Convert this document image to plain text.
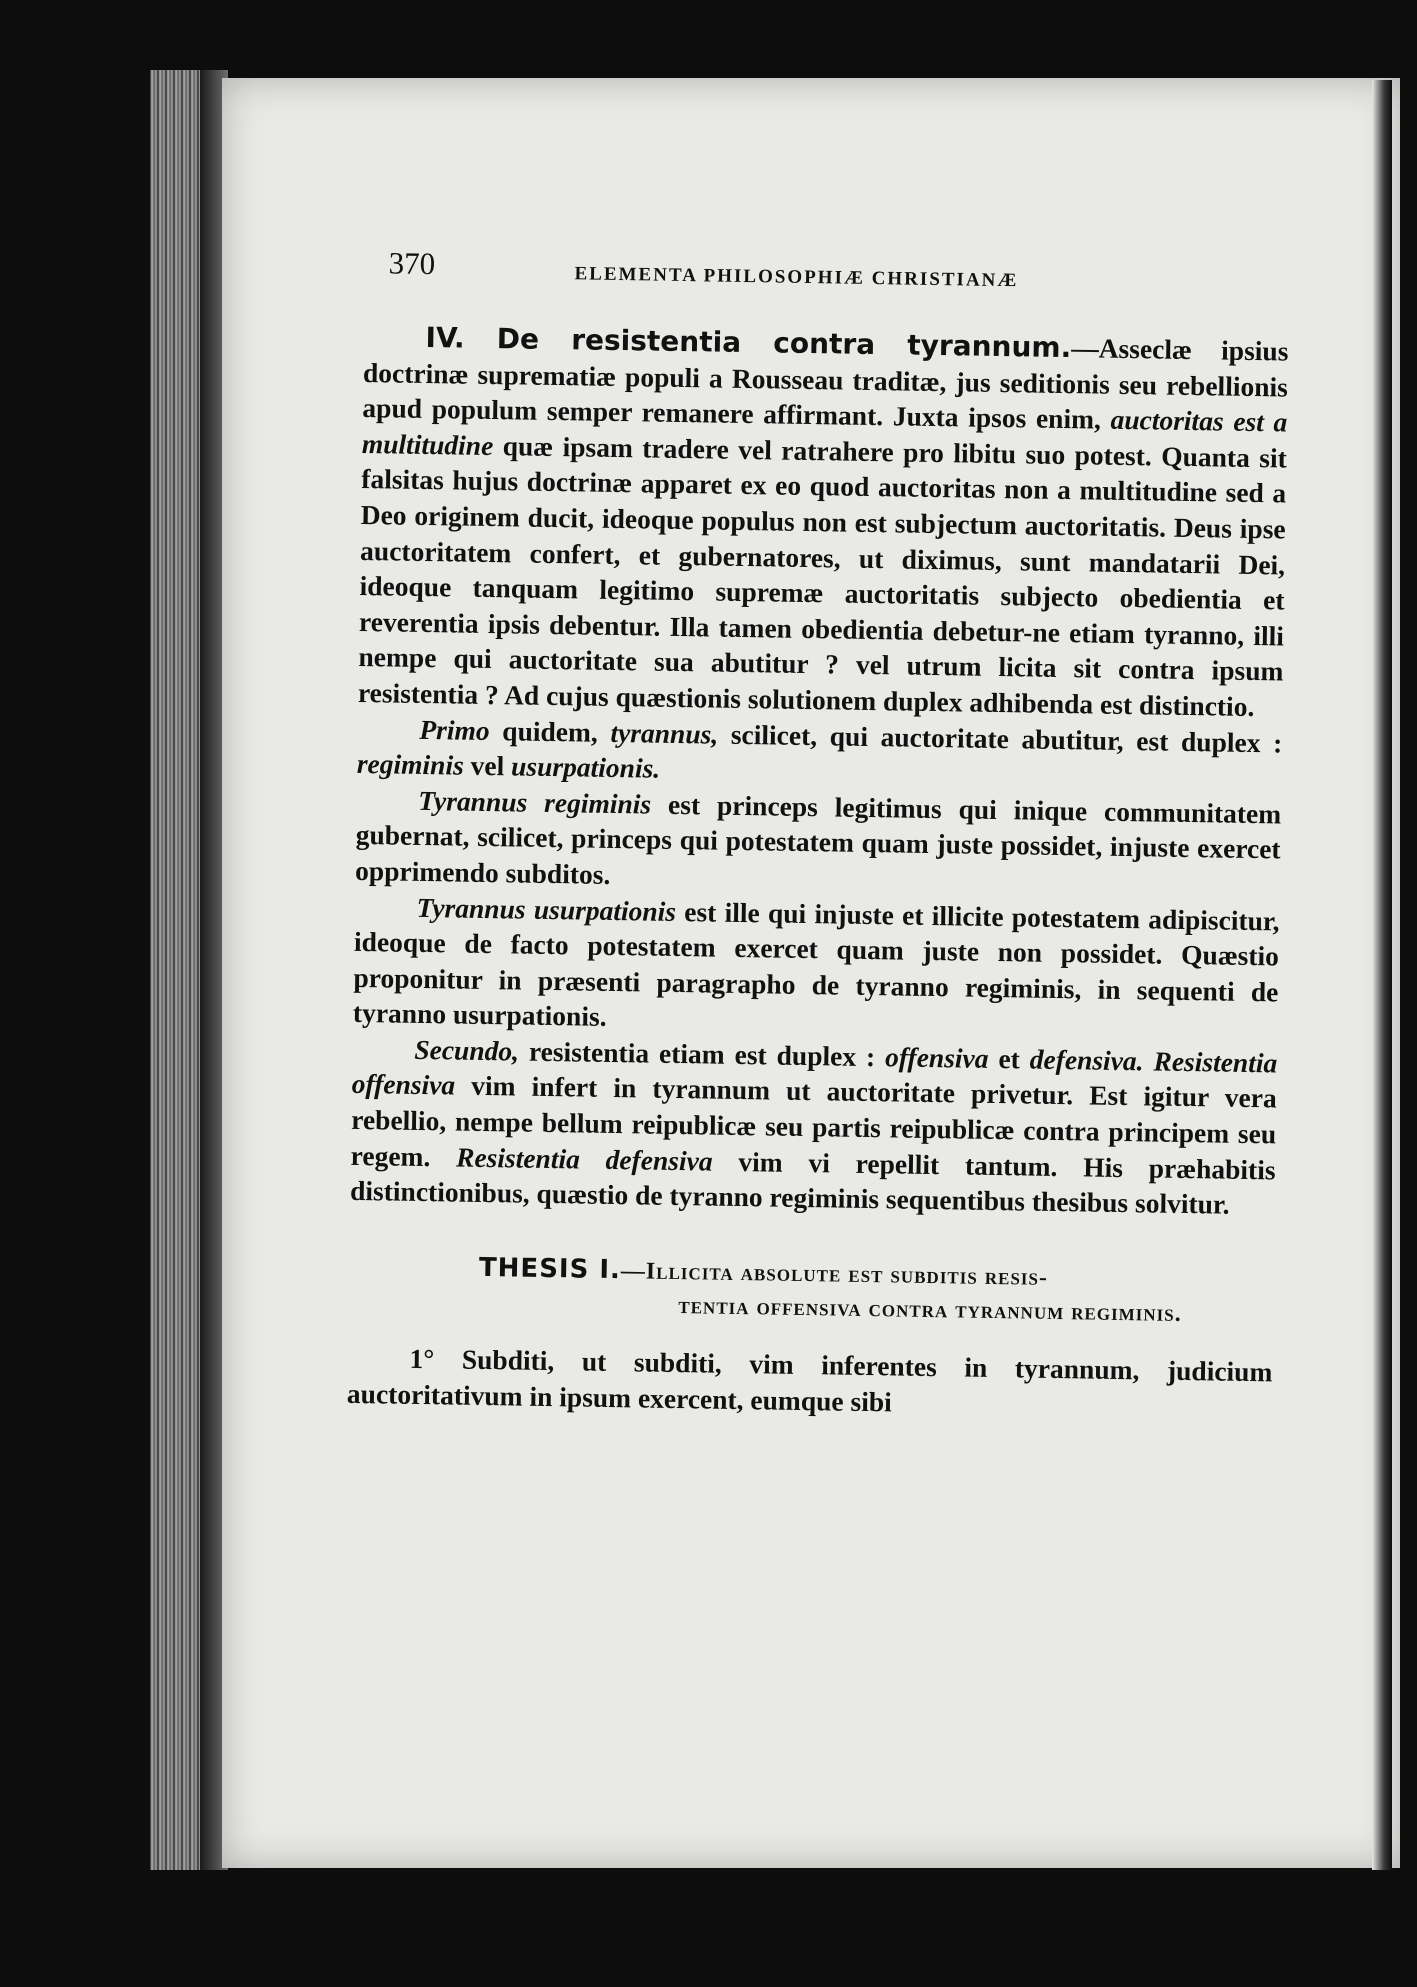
370	ELEMENTA PHILOSOPHIÆ CHRISTIANÆ

IV. De resistentia contra tyrannum.—Asseclæ ipsius doctrinæ suprematiæ populi a Rousseau traditæ, jus seditionis seu rebellionis apud populum semper remanere affirmant. Juxta ipsos enim, auctoritas est a multitudine quæ ipsam tradere vel ratrahere pro libitu suo potest. Quanta sit falsitas hujus doctrinæ apparet ex eo quod auctoritas non a multitudine sed a Deo originem ducit, ideoque populus non est subjectum auctoritatis. Deus ipse auctoritatem confert, et gubernatores, ut diximus, sunt mandatarii Dei, ideoque tanquam legitimo supremæ auctoritatis subjecto obedientia et reverentia ipsis debentur. Illa tamen obedientia debetur-ne etiam tyranno, illi nempe qui auctoritate sua abutitur ? vel utrum licita sit contra ipsum resistentia ? Ad cujus quæstionis solutionem duplex adhibenda est distinctio.

Primo quidem, tyrannus, scilicet, qui auctoritate abutitur, est duplex : regiminis vel usurpationis.

Tyrannus regiminis est princeps legitimus qui inique communitatem gubernat, scilicet, princeps qui potestatem quam juste possidet, injuste exercet opprimendo subditos.

Tyrannus usurpationis est ille qui injuste et illicite potestatem adipiscitur, ideoque de facto potestatem exercet quam juste non possidet. Quæstio proponitur in præsenti paragrapho de tyranno regiminis, in sequenti de tyranno usurpationis.

Secundo, resistentia etiam est duplex : offensiva et defensiva. Resistentia offensiva vim infert in tyrannum ut auctoritate privetur. Est igitur vera rebellio, nempe bellum reipublicæ seu partis reipublicæ contra principem seu regem. Resistentia defensiva vim vi repellit tantum. His præhabitis distinctionibus, quæstio de tyranno regiminis sequentibus thesibus solvitur.

THESIS I.—Illicita absolute est subditis resis-
tentia offensiva contra tyrannum regiminis.

1° Subditi, ut subditi, vim inferentes in tyrannum, judicium auctoritativum in ipsum exercent, eumque sibi
